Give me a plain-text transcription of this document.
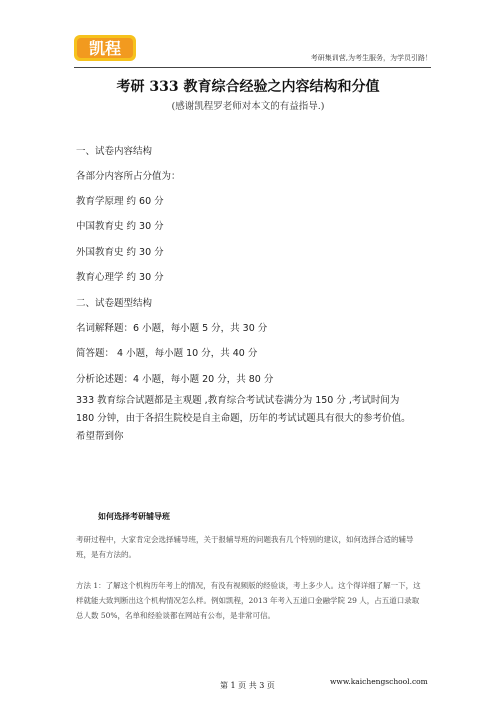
凯程	考研集训营,为考生服务，为学员引路！
考研 333 教育综合经验之内容结构和分值
(感谢凯程罗老师对本文的有益指导.)
一、试卷内容结构
各部分内容所占分值为：
教育学原理 约 60 分
中国教育史 约 30 分
外国教育史 约 30 分
教育心理学 约 30 分
二、试卷题型结构
名词解释题：6 小题，每小题 5 分，共 30 分
简答题： 4 小题，每小题 10 分，共 40 分
分析论述题：4 小题，每小题 20 分，共 80 分
333 教育综合试题都是主观题 ,教育综合考试试卷满分为 150 分 ,考试时间为 180 分钟，由于各招生院校是自主命题，历年的考试试题具有很大的参考价值。 希望帮到你
如何选择考研辅导班
考研过程中，大家肯定会选择辅导班，关于报辅导班的问题我有几个特别的建议，如何选择合适的辅导班，是有方法的。
方法 1：了解这个机构历年考上的情况，有没有视频版的经验谈，考上多少人。这个得详细了解一下，这样就能大致判断出这个机构情况怎么样。例如凯程，2013 年考入五道口金融学院 29 人，占五道口录取总人数 50%，名单和经验谈都在网站有公布，是非常可信。
第 1 页 共 3 页	www.kaichengschool.com
